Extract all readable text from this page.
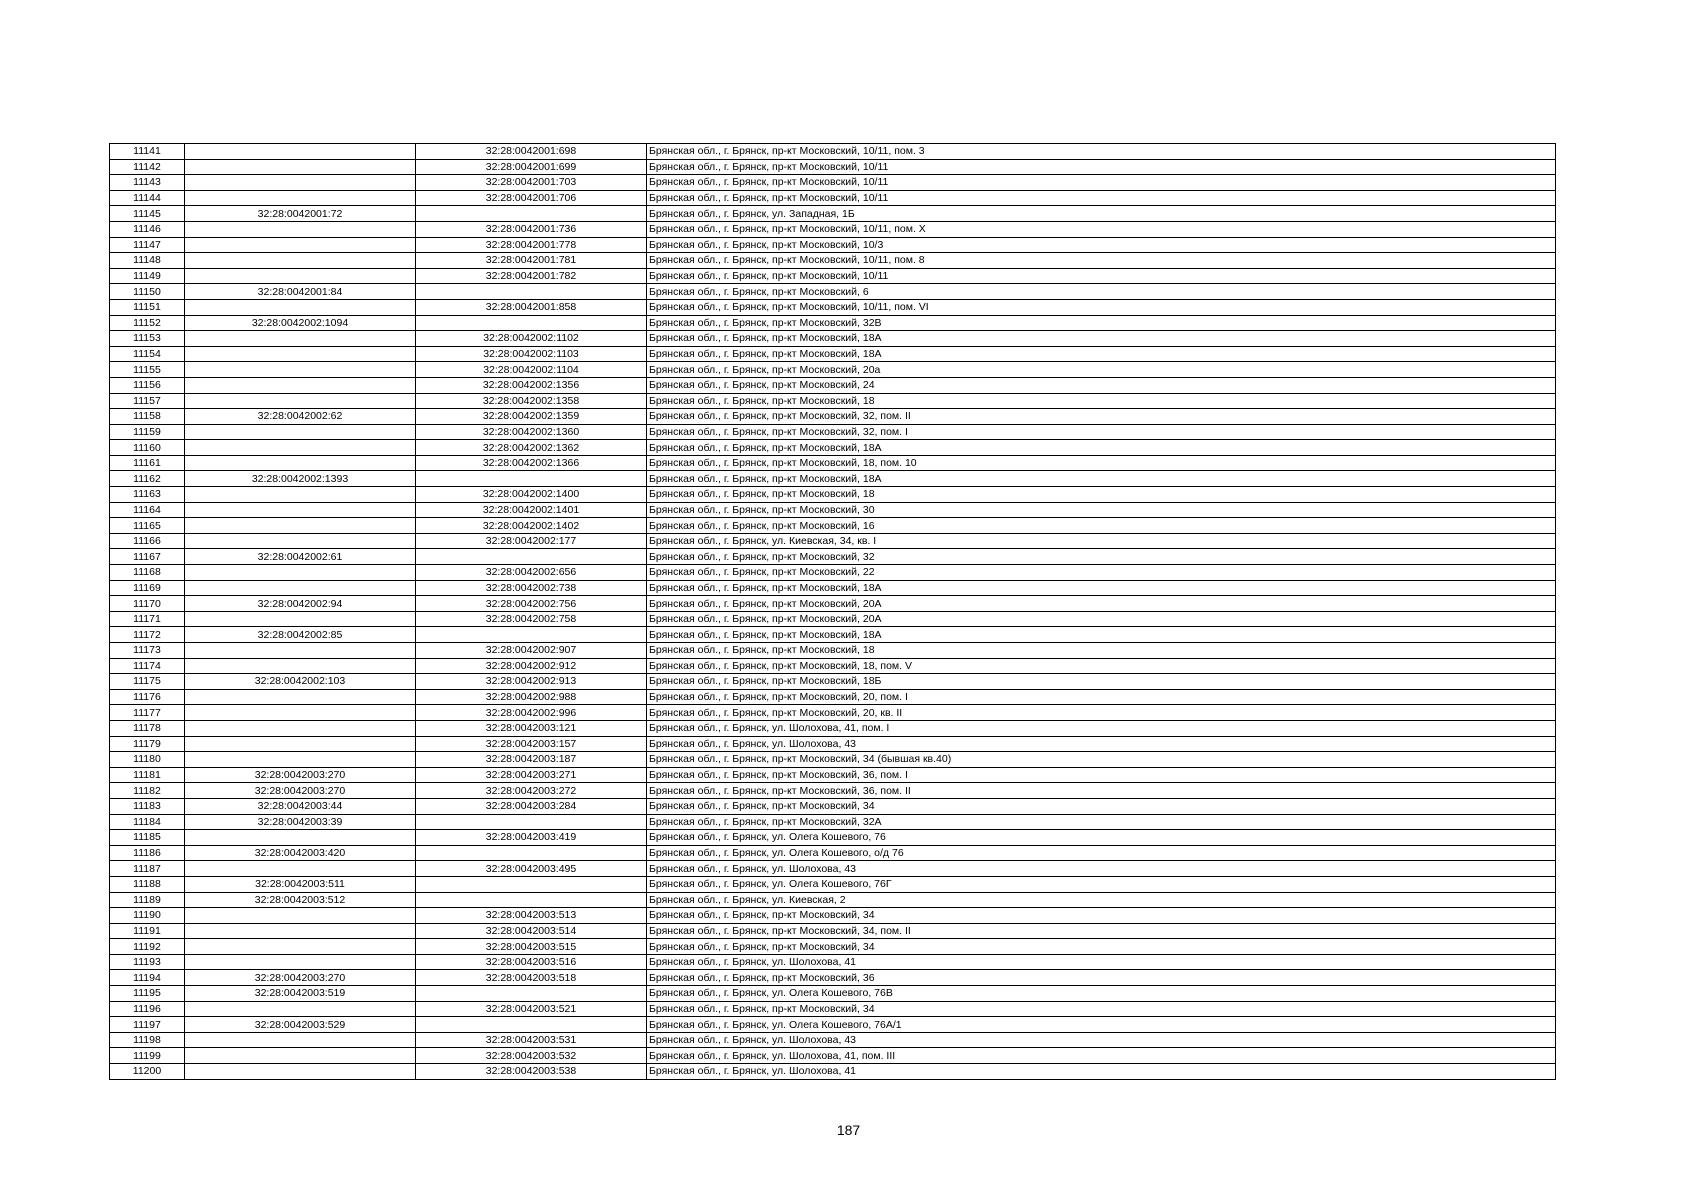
11141		32:28:0042001:698	Брянская обл., г. Брянск, пр-кт Московский, 10/11, пом. 3
11142		32:28:0042001:699	Брянская обл., г. Брянск, пр-кт Московский, 10/11
11143		32:28:0042001:703	Брянская обл., г. Брянск, пр-кт Московский, 10/11
11144		32:28:0042001:706	Брянская обл., г. Брянск, пр-кт Московский, 10/11
11145	32:28:0042001:72		Брянская обл., г. Брянск, ул. Западная, 1Б
11146		32:28:0042001:736	Брянская обл., г. Брянск, пр-кт Московский, 10/11, пом. X
11147		32:28:0042001:778	Брянская обл., г. Брянск, пр-кт Московский, 10/3
11148		32:28:0042001:781	Брянская обл., г. Брянск, пр-кт Московский, 10/11, пом. 8
11149		32:28:0042001:782	Брянская обл., г. Брянск, пр-кт Московский, 10/11
11150	32:28:0042001:84		Брянская обл., г. Брянск, пр-кт Московский, 6
11151		32:28:0042001:858	Брянская обл., г. Брянск, пр-кт Московский, 10/11, пом. VI
11152	32:28:0042002:1094		Брянская обл., г. Брянск, пр-кт Московский, 32В
11153		32:28:0042002:1102	Брянская обл., г. Брянск, пр-кт Московский, 18А
11154		32:28:0042002:1103	Брянская обл., г. Брянск, пр-кт Московский, 18А
11155		32:28:0042002:1104	Брянская обл., г. Брянск, пр-кт Московский, 20а
11156		32:28:0042002:1356	Брянская обл., г. Брянск, пр-кт Московский, 24
11157		32:28:0042002:1358	Брянская обл., г. Брянск, пр-кт Московский, 18
11158	32:28:0042002:62	32:28:0042002:1359	Брянская обл., г. Брянск, пр-кт Московский, 32, пом. II
11159		32:28:0042002:1360	Брянская обл., г. Брянск, пр-кт Московский, 32, пом. I
11160		32:28:0042002:1362	Брянская обл., г. Брянск, пр-кт Московский, 18А
11161		32:28:0042002:1366	Брянская обл., г. Брянск, пр-кт Московский, 18, пом. 10
11162	32:28:0042002:1393		Брянская обл., г. Брянск, пр-кт Московский, 18А
11163		32:28:0042002:1400	Брянская обл., г. Брянск, пр-кт Московский, 18
11164		32:28:0042002:1401	Брянская обл., г. Брянск, пр-кт Московский, 30
11165		32:28:0042002:1402	Брянская обл., г. Брянск, пр-кт Московский, 16
11166		32:28:0042002:177	Брянская обл., г. Брянск, ул. Киевская, 34, кв. I
11167	32:28:0042002:61		Брянская обл., г. Брянск, пр-кт Московский, 32
11168		32:28:0042002:656	Брянская обл., г. Брянск, пр-кт Московский, 22
11169		32:28:0042002:738	Брянская обл., г. Брянск, пр-кт Московский, 18А
11170	32:28:0042002:94	32:28:0042002:756	Брянская обл., г. Брянск, пр-кт Московский, 20А
11171		32:28:0042002:758	Брянская обл., г. Брянск, пр-кт Московский, 20А
11172	32:28:0042002:85		Брянская обл., г. Брянск, пр-кт Московский, 18А
11173		32:28:0042002:907	Брянская обл., г. Брянск, пр-кт Московский, 18
11174		32:28:0042002:912	Брянская обл., г. Брянск, пр-кт Московский, 18, пом. V
11175	32:28:0042002:103	32:28:0042002:913	Брянская обл., г. Брянск, пр-кт Московский, 18Б
11176		32:28:0042002:988	Брянская обл., г. Брянск, пр-кт Московский, 20, пом. I
11177		32:28:0042002:996	Брянская обл., г. Брянск, пр-кт Московский, 20, кв. II
11178		32:28:0042003:121	Брянская обл., г. Брянск, ул. Шолохова, 41, пом. I
11179		32:28:0042003:157	Брянская обл., г. Брянск, ул. Шолохова, 43
11180		32:28:0042003:187	Брянская обл., г. Брянск, пр-кт Московский, 34 (бывшая кв.40)
11181	32:28:0042003:270	32:28:0042003:271	Брянская обл., г. Брянск, пр-кт Московский, 36, пом. I
11182	32:28:0042003:270	32:28:0042003:272	Брянская обл., г. Брянск, пр-кт Московский, 36, пом. II
11183	32:28:0042003:44	32:28:0042003:284	Брянская обл., г. Брянск, пр-кт Московский, 34
11184	32:28:0042003:39		Брянская обл., г. Брянск, пр-кт Московский, 32А
11185		32:28:0042003:419	Брянская обл., г. Брянск, ул. Олега Кошевого, 76
11186	32:28:0042003:420		Брянская обл., г. Брянск, ул. Олега Кошевого, о/д 76
11187		32:28:0042003:495	Брянская обл., г. Брянск, ул. Шолохова, 43
11188	32:28:0042003:511		Брянская обл., г. Брянск, ул. Олега Кошевого, 76Г
11189	32:28:0042003:512		Брянская обл., г. Брянск, ул. Киевская, 2
11190		32:28:0042003:513	Брянская обл., г. Брянск, пр-кт Московский, 34
11191		32:28:0042003:514	Брянская обл., г. Брянск, пр-кт Московский, 34, пом. II
11192		32:28:0042003:515	Брянская обл., г. Брянск, пр-кт Московский, 34
11193		32:28:0042003:516	Брянская обл., г. Брянск, ул. Шолохова, 41
11194	32:28:0042003:270	32:28:0042003:518	Брянская обл., г. Брянск, пр-кт Московский, 36
11195	32:28:0042003:519		Брянская обл., г. Брянск, ул. Олега Кошевого, 76В
11196		32:28:0042003:521	Брянская обл., г. Брянск, пр-кт Московский, 34
11197	32:28:0042003:529		Брянская обл., г. Брянск, ул. Олега Кошевого, 76А/1
11198		32:28:0042003:531	Брянская обл., г. Брянск, ул. Шолохова, 43
11199		32:28:0042003:532	Брянская обл., г. Брянск, ул. Шолохова, 41, пом. III
11200		32:28:0042003:538	Брянская обл., г. Брянск, ул. Шолохова, 41
187
